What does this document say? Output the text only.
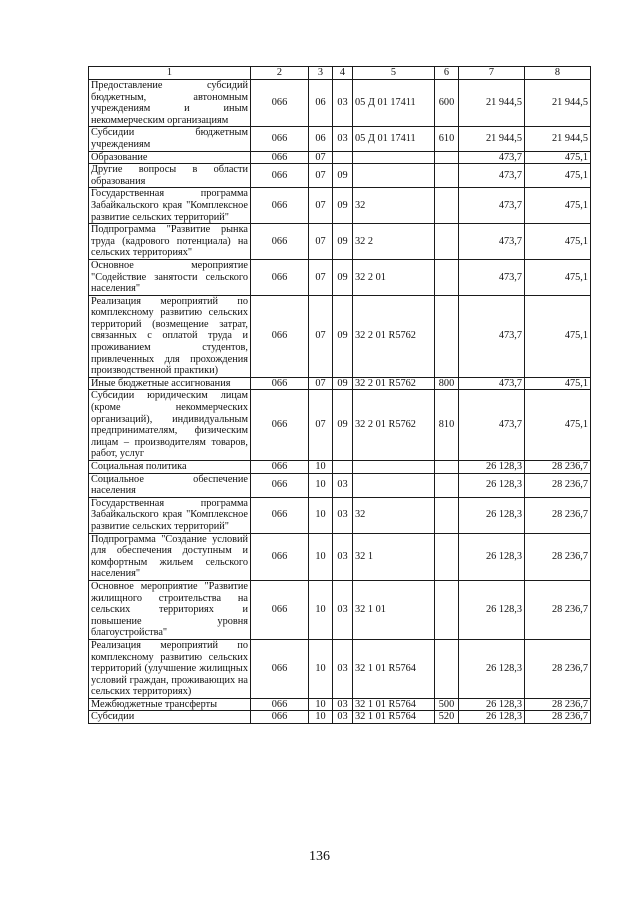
1	2	3	4	5	6	7	8
Предоставление субсидий бюджетным, автономным учреждениям и иным некоммерческим организациям	066	06	03	05 Д 01 17411	600	21 944,5	21 944,5
Субсидии бюджетным учреждениям	066	06	03	05 Д 01 17411	610	21 944,5	21 944,5
Образование	066	07				473,7	475,1
Другие вопросы в области образования	066	07	09			473,7	475,1
Государственная программа Забайкальского края "Комплексное развитие сельских территорий"	066	07	09	32		473,7	475,1
Подпрограмма "Развитие рынка труда (кадрового потенциала) на сельских территориях"	066	07	09	32 2		473,7	475,1
Основное мероприятие "Содействие занятости сельского населения"	066	07	09	32 2 01		473,7	475,1
Реализация мероприятий по комплексному развитию сельских территорий (возмещение затрат, связанных с оплатой труда и проживанием студентов, привлеченных для прохождения производственной практики)	066	07	09	32 2 01 R5762		473,7	475,1
Иные бюджетные ассигнования	066	07	09	32 2 01 R5762	800	473,7	475,1
Субсидии юридическим лицам (кроме некоммерческих организаций), индивидуальным предпринимателям, физическим лицам – производителям товаров, работ, услуг	066	07	09	32 2 01 R5762	810	473,7	475,1
Социальная политика	066	10				26 128,3	28 236,7
Социальное обеспечение населения	066	10	03			26 128,3	28 236,7
Государственная программа Забайкальского края "Комплексное развитие сельских территорий"	066	10	03	32		26 128,3	28 236,7
Подпрограмма "Создание условий для обеспечения доступным и комфортным жильем сельского населения"	066	10	03	32 1		26 128,3	28 236,7
Основное мероприятие "Развитие жилищного строительства на сельских территориях и повышение уровня благоустройства"	066	10	03	32 1 01		26 128,3	28 236,7
Реализация мероприятий по комплексному развитию сельских территорий (улучшение жилищных условий граждан, проживающих на сельских территориях)	066	10	03	32 1 01 R5764		26 128,3	28 236,7
Межбюджетные трансферты	066	10	03	32 1 01 R5764	500	26 128,3	28 236,7
Субсидии	066	10	03	32 1 01 R5764	520	26 128,3	28 236,7
136
